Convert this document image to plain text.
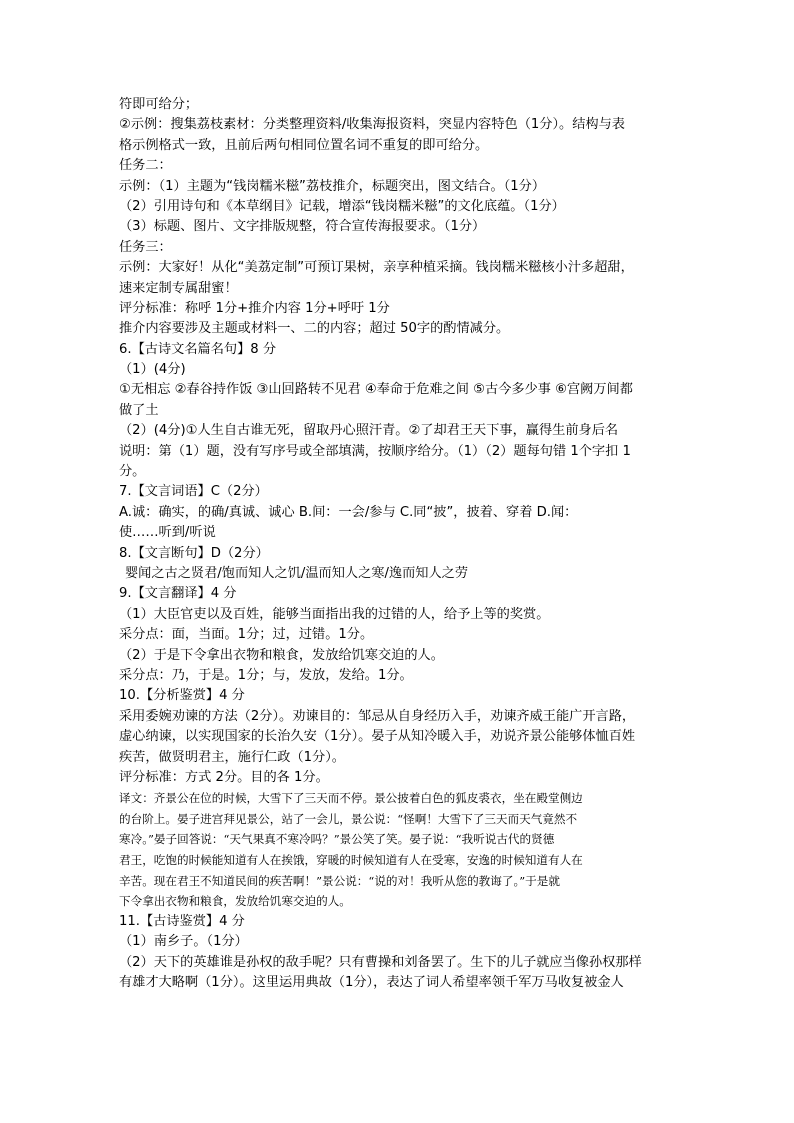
符即可给分；
②示例：搜集荔枝素材：分类整理资料/收集海报资料，突显内容特色（1分）。结构与表
格示例格式一致，且前后两句相同位置名词不重复的即可给分。
任务二：
示例：（1）主题为“钱岗糯米糍”荔枝推介，标题突出，图文结合。（1分）
（2）引用诗句和《本草纲目》记载，增添“钱岗糯米糍”的文化底蕴。（1分）
（3）标题、图片、文字排版规整，符合宣传海报要求。（1分）
任务三：
示例：大家好！从化“美荔定制”可预订果树，亲享种植采摘。钱岗糯米糍核小汁多超甜，
速来定制专属甜蜜！
评分标准：称呼 1分+推介内容 1分+呼吁 1分
推介内容要涉及主题或材料一、二的内容；超过 50字的酌情减分。
6.【古诗文名篇名句】8 分
（1）(4分)
①无相忘 ②春谷持作饭 ③山回路转不见君 ④奉命于危难之间 ⑤古今多少事 ⑥宫阙万间都
做了土
（2）(4分)①人生自古谁无死，留取丹心照汗青。②了却君王天下事，赢得生前身后名
说明：第（1）题，没有写序号或全部填满，按顺序给分。（1）（2）题每句错 1个字扣 1
分。
7.【文言词语】C（2分）
A.诚：确实，的确/真诚、诚心 B.间：一会/参与 C.同“披”，披着、穿着 D.闻：
使……听到/听说
8.【文言断句】D（2分）
婴闻之古之贤君/饱而知人之饥/温而知人之寒/逸而知人之劳
9.【文言翻译】4 分
（1）大臣官吏以及百姓，能够当面指出我的过错的人，给予上等的奖赏。
采分点：面，当面。1分；过，过错。1分。
（2）于是下令拿出衣物和粮食，发放给饥寒交迫的人。
采分点：乃，于是。1分；与，发放，发给。1分。
10.【分析鉴赏】4 分
采用委婉劝谏的方法（2分）。劝谏目的：邹忌从自身经历入手，劝谏齐威王能广开言路，
虚心纳谏，以实现国家的长治久安（1分）。晏子从知冷暖入手，劝说齐景公能够体恤百姓
疾苦，做贤明君主，施行仁政（1分）。
评分标准：方式 2分。目的各 1分。
译文：齐景公在位的时候，大雪下了三天而不停。景公披着白色的狐皮裘衣，坐在殿堂侧边
的台阶上。晏子进宫拜见景公，站了一会儿，景公说：“怪啊！大雪下了三天而天气竟然不
寒冷。”晏子回答说：“天气果真不寒冷吗？”景公笑了笑。晏子说：“我听说古代的贤德
君王，吃饱的时候能知道有人在挨饿，穿暖的时候知道有人在受寒，安逸的时候知道有人在
辛苦。现在君王不知道民间的疾苦啊！”景公说：“说的对！我听从您的教诲了。”于是就
下令拿出衣物和粮食，发放给饥寒交迫的人。
11.【古诗鉴赏】4 分
（1）南乡子。（1分）
（2）天下的英雄谁是孙权的敌手呢？只有曹操和刘备罢了。生下的儿子就应当像孙权那样
有雄才大略啊（1分）。这里运用典故（1分），表达了词人希望率领千军万马收复被金人
